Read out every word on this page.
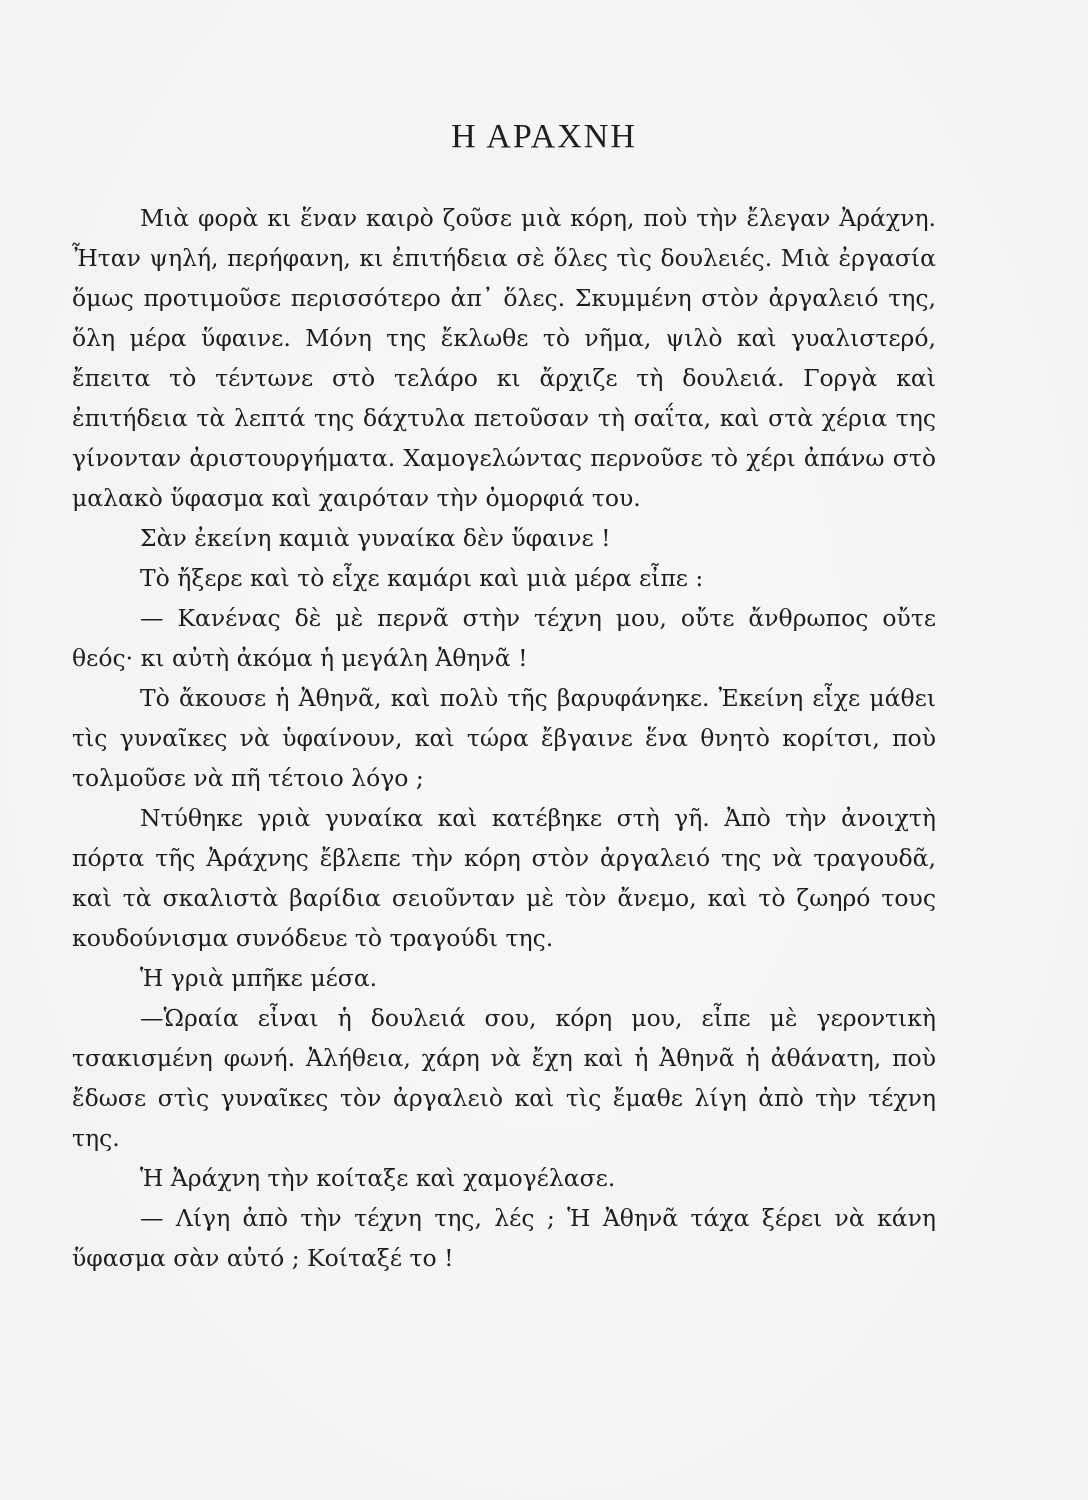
Η ΑΡΑΧΝΗ

Μιὰ φορὰ κι ἕναν καιρὸ ζοῦσε μιὰ κόρη, ποὺ τὴν ἔλεγαν Ἀράχνη. Ἦταν ψηλή, περήφανη, κι ἐπιτήδεια σὲ ὅλες τὶς δουλειές. Μιὰ ἐργασία ὅμως προτιμοῦσε περισσότερο ἀπ᾽ ὅλες. Σκυμμένη στὸν ἀργαλειό της, ὅλη μέρα ὕφαινε. Μόνη της ἔκλωθε τὸ νῆμα, ψιλὸ καὶ γυαλιστερό, ἔπειτα τὸ τέντωνε στὸ τελάρο κι ἄρχιζε τὴ δουλειά. Γοργὰ καὶ ἐπιτήδεια τὰ λεπτά της δάχτυλα πετοῦσαν τὴ σαΐτα, καὶ στὰ χέρια της γίνονταν ἀριστουργήματα. Χαμογελώντας περνοῦσε τὸ χέρι ἀπάνω στὸ μαλακὸ ὕφασμα καὶ χαιρόταν τὴν ὀμορφιά του.

Σὰν ἐκείνη καμιὰ γυναίκα δὲν ὕφαινε !

Τὸ ἤξερε καὶ τὸ εἶχε καμάρι καὶ μιὰ μέρα εἶπε :

— Κανένας δὲ μὲ περνᾶ στὴν τέχνη μου, οὔτε ἄνθρωπος οὔτε θεός· κι αὐτὴ ἀκόμα ἡ μεγάλη Ἀθηνᾶ !

Τὸ ἄκουσε ἡ Ἀθηνᾶ, καὶ πολὺ τῆς βαρυφάνηκε. Ἐκείνη εἶχε μάθει τὶς γυναῖκες νὰ ὑφαίνουν, καὶ τώρα ἔβγαινε ἕνα θνητὸ κορίτσι, ποὺ τολμοῦσε νὰ πῆ τέτοιο λόγο ;

Ντύθηκε γριὰ γυναίκα καὶ κατέβηκε στὴ γῆ. Ἀπὸ τὴν ἀνοιχτὴ πόρτα τῆς Ἀράχνης ἔβλεπε τὴν κόρη στὸν ἀργαλειό της νὰ τραγουδᾶ, καὶ τὰ σκαλιστὰ βαρίδια σειοῦνταν μὲ τὸν ἄνεμο, καὶ τὸ ζωηρό τους κουδούνισμα συνόδευε τὸ τραγούδι της.

Ἡ γριὰ μπῆκε μέσα.

—Ὡραία εἶναι ἡ δουλειά σου, κόρη μου, εἶπε μὲ γεροντικὴ τσακισμένη φωνή. Ἀλήθεια, χάρη νὰ ἔχη καὶ ἡ Ἀθηνᾶ ἡ ἀθάνατη, ποὺ ἔδωσε στὶς γυναῖκες τὸν ἀργαλειὸ καὶ τὶς ἔμαθε λίγη ἀπὸ τὴν τέχνη της.

Ἡ Ἀράχνη τὴν κοίταξε καὶ χαμογέλασε.

— Λίγη ἀπὸ τὴν τέχνη της, λές ; Ἡ Ἀθηνᾶ τάχα ξέρει νὰ κάνη ὕφασμα σὰν αὐτό ; Κοίταξέ το !
